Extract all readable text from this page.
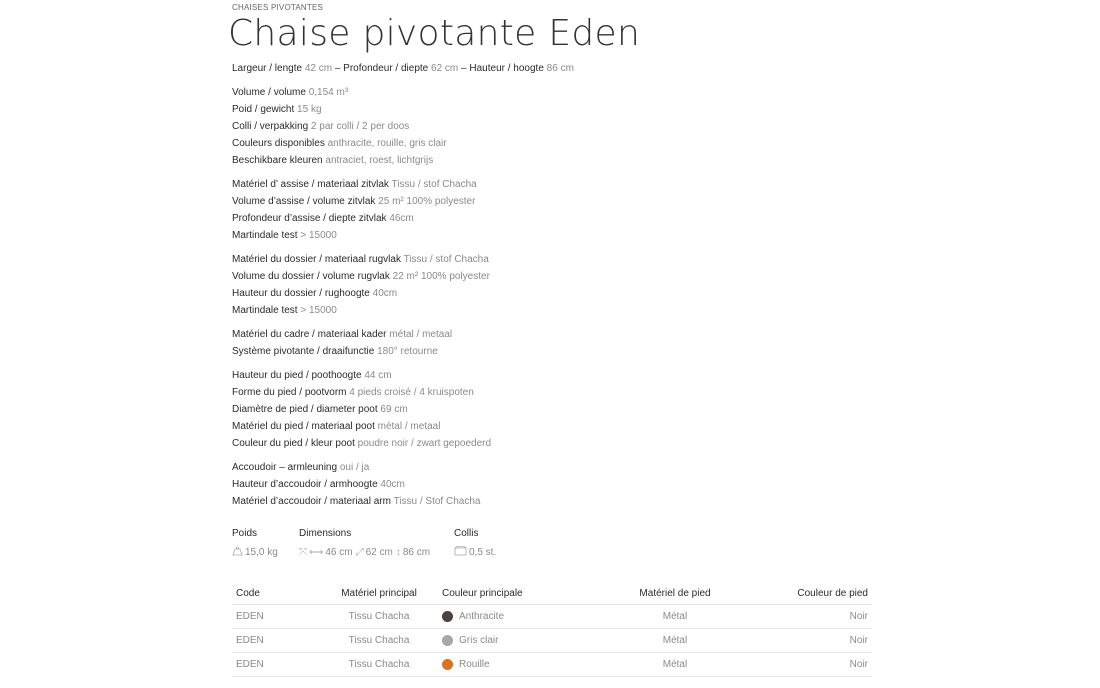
CHAISES PIVOTANTES
Chaise pivotante Eden
Largeur / lengte 42 cm – Profondeur / diepte 62 cm – Hauteur / hoogte 86 cm
Volume / volume 0,154 m³
Poid / gewicht 15 kg
Colli / verpakking 2 par colli / 2 per doos
Couleurs disponibles anthracite, rouille, gris clair
Beschikbare kleuren antraciet, roest, lichtgrijs
Matériel d’ assise / materiaal zitvlak Tissu / stof Chacha
Volume d’assise / volume zitvlak 25 m² 100% polyester
Profondeur d’assise / diepte zitvlak 46cm
Martindale test > 15000
Matériel du dossier / materiaal rugvlak Tissu / stof Chacha
Volume du dossier / volume rugvlak 22 m² 100% polyester
Hauteur du dossier / rughoogte 40cm
Martindale test > 15000
Matériel du cadre / materiaal kader métal / metaal
Système pivotante / draaifunctie 180° retourne
Hauteur du pied / poothoogte 44 cm
Forme du pied / pootvorm 4 pieds croisé / 4 kruispoten
Diamètre de pied / diameter poot 69 cm
Matériel du pied / materiaal poot métal / metaal
Couleur du pied / kleur poot poudre noir / zwart gepoederd
Accoudoir – armleuning oui / ja
Hauteur d’accoudoir / armhoogte 40cm
Matériel d’accoudoir / materiaal arm Tissu / Stof Chacha
Poids
15,0 kg
Dimensions
⤧ ⟷ 46 cm ⤢ 62 cm ↕ 86 cm
Collis
0,5 st.
Code	Matériel principal	Couleur principale	Matériel de pied	Couleur de pied
EDEN	Tissu Chacha	Anthracite	Métal	Noir
EDEN	Tissu Chacha	Gris clair	Métal	Noir
EDEN	Tissu Chacha	Rouille	Métal	Noir
